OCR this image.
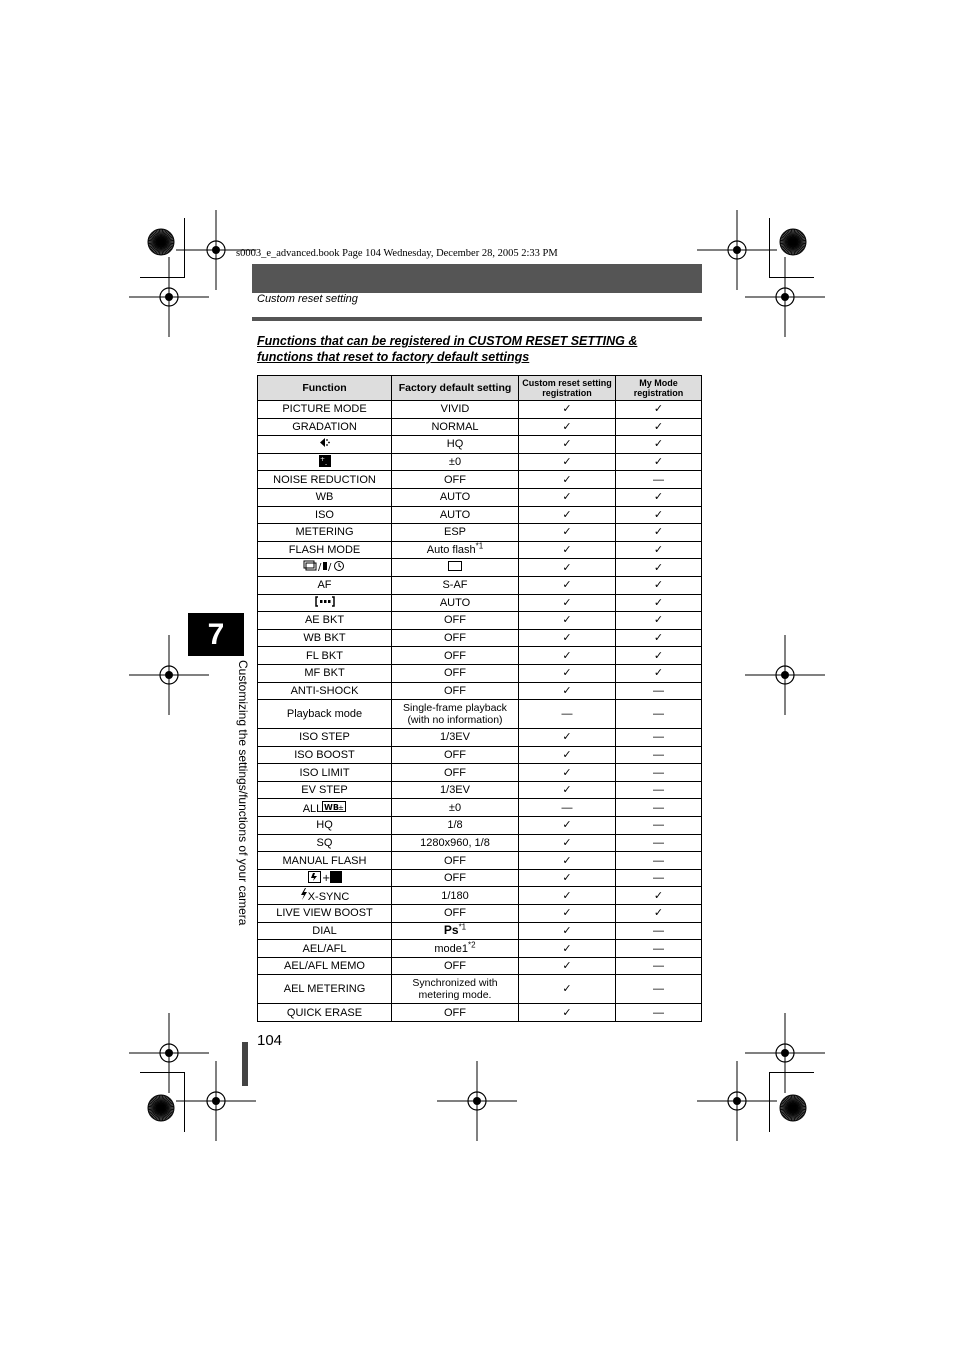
s0003_e_advanced.book Page 104 Wednesday, December 28, 2005 2:33 PM
Custom reset setting
Functions that can be registered in CUSTOM RESET SETTING &
functions that reset to factory default settings
Function	Factory default setting	Custom reset setting registration	My Mode registration
PICTURE MODE	VIVID	✓	✓
GRADATION	NORMAL	✓	✓
	HQ	✓	✓

+
-	±0	✓	✓
NOISE REDUCTION	OFF	✓	—
WB	AUTO	✓	✓
ISO	AUTO	✓	✓
METERING	ESP	✓	✓
FLASH MODE	Auto flash$^{*1}$	✓	✓

/ /		✓	✓
AF	S-AF	✓	✓
	AUTO	✓	✓
AE BKT	OFF	✓	✓
WB BKT	OFF	✓	✓
FL BKT	OFF	✓	✓
MF BKT	OFF	✓	✓
ANTI-SHOCK	OFF	✓	—
Playback mode	Single-frame playback (with no information)	—	—
ISO STEP	1/3EV	✓	—
ISO BOOST	OFF	✓	—
ISO LIMIT	OFF	✓	—
EV STEP	1/3EV	✓	—
ALL WB ±	±0	—	—
HQ	1/8	✓	—
SQ	1280x960, 1/8	✓	—
MANUAL FLASH	OFF	✓	—

+	OFF	✓	—
X-SYNC	1/180	✓	✓
LIVE VIEW BOOST	OFF	✓	✓
DIAL	Ps$^{*1}$	✓	—
AEL/AFL	mode1$^{*2}$	✓	—
AEL/AFL MEMO	OFF	✓	—
AEL METERING	Synchronized with metering mode.	✓	—
QUICK ERASE	OFF	✓	—
7
Customizing the settings/functions of your camera
104
